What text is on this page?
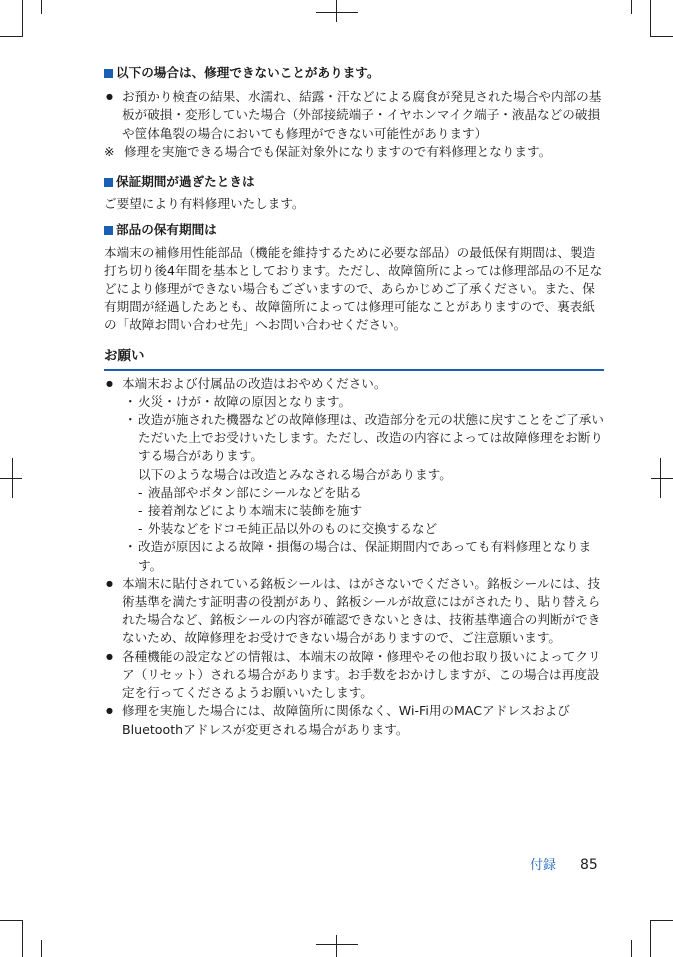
以下の場合は、修理できないことがあります。

● お預かり検査の結果、水濡れ、結露・汗などによる腐食が発見された場合や内部の基板が破損・変形していた場合（外部接続端子・イヤホンマイク端子・液晶などの破損や筐体亀裂の場合においても修理ができない可能性があります）

※ 修理を実施できる場合でも保証対象外になりますので有料修理となります。

保証期間が過ぎたときは

ご要望により有料修理いたします。

部品の保有期間は

本端末の補修用性能部品（機能を維持するために必要な部品）の最低保有期間は、製造打ち切り後4年間を基本としております。ただし、故障箇所によっては修理部品の不足などにより修理ができない場合もございますので、あらかじめご了承ください。また、保有期間が経過したあとも、故障箇所によっては修理可能なことがありますので、裏表紙の「故障お問い合わせ先」へお問い合わせください。

お願い

● 本端末および付属品の改造はおやめください。

・ 火災・けが・故障の原因となります。

・ 改造が施された機器などの故障修理は、改造部分を元の状態に戻すことをご了承いただいた上でお受けいたします。ただし、改造の内容によっては故障修理をお断りする場合があります。

以下のような場合は改造とみなされる場合があります。

- 液晶部やボタン部にシールなどを貼る

- 接着剤などにより本端末に装飾を施す

- 外装などをドコモ純正品以外のものに交換するなど

・ 改造が原因による故障・損傷の場合は、保証期間内であっても有料修理となります。

● 本端末に貼付されている銘板シールは、はがさないでください。銘板シールには、技術基準を満たす証明書の役割があり、銘板シールが故意にはがされたり、貼り替えられた場合など、銘板シールの内容が確認できないときは、技術基準適合の判断ができないため、故障修理をお受けできない場合がありますので、ご注意願います。

● 各種機能の設定などの情報は、本端末の故障・修理やその他お取り扱いによってクリア（リセット）される場合があります。お手数をおかけしますが、この場合は再度設定を行ってくださるようお願いいたします。

● 修理を実施した場合には、故障箇所に関係なく、Wi-Fi用のMACアドレスおよびBluetoothアドレスが変更される場合があります。

付録 85
